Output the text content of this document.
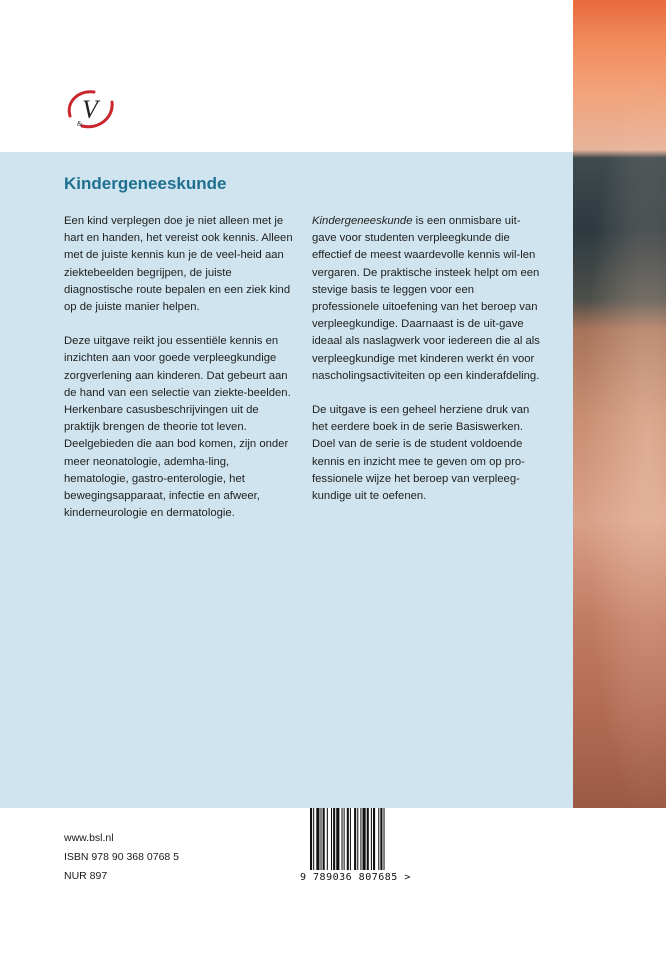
V
&
Kindergeneeskunde

Een kind verplegen doe je niet alleen met je hart en handen, het vereist ook kennis. Alleen met de juiste kennis kun je de veel-heid aan ziektebeelden begrijpen, de juiste diagnostische route bepalen en een ziek kind op de juiste manier helpen.

Deze uitgave reikt jou essentiële kennis en inzichten aan voor goede verpleegkundige zorgverlening aan kinderen. Dat gebeurt aan de hand van een selectie van ziekte-beelden. Herkenbare casusbeschrijvingen uit de praktijk brengen de theorie tot leven. Deelgebieden die aan bod komen, zijn onder meer neonatologie, ademha-ling, hematologie, gastro-enterologie, het bewegingsapparaat, infectie en afweer, kinderneurologie en dermatologie.

Kindergeneeskunde is een onmisbare uit-gave voor studenten verpleegkunde die effectief de meest waardevolle kennis wil-len vergaren. De praktische insteek helpt om een stevige basis te leggen voor een professionele uitoefening van het beroep van verpleegkundige. Daarnaast is de uit-gave ideaal als naslagwerk voor iedereen die al als verpleegkundige met kinderen werkt én voor nascholingsactiviteiten op een kinderafdeling.

De uitgave is een geheel herziene druk van het eerdere boek in de serie Basiswerken. Doel van de serie is de student voldoende kennis en inzicht mee te geven om op pro-fessionele wijze het beroep van verpleeg-kundige uit te oefenen.

www.bsl.nl
ISBN 978 90 368 0768 5
NUR 897	9 789036 807685 >
